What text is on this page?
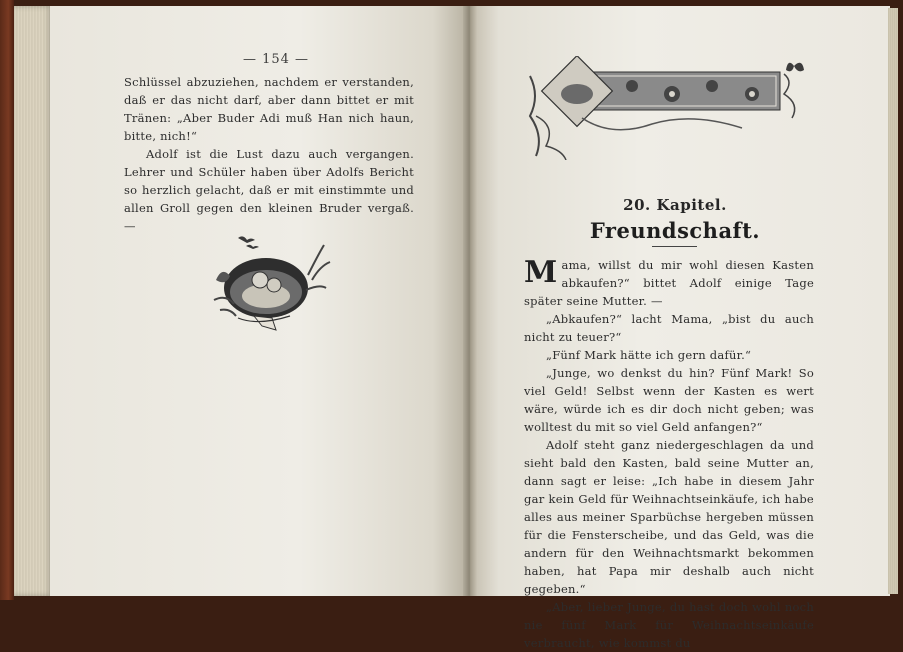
— 154 —

Schlüssel abzuziehen, nachdem er verstanden, daß er das nicht darf, aber dann bittet er mit Tränen: „Aber Buder Adi muß Han nich haun, bitte, nich!“

Adolf ist die Lust dazu auch vergangen. Lehrer und Schüler haben über Adolfs Bericht so herzlich gelacht, daß er mit einstimmte und allen Groll gegen den kleinen Bruder vergaß. —

20. Kapitel.
Freundschaft.

Mama, willst du mir wohl diesen Kasten abkaufen?“ bittet Adolf einige Tage später seine Mutter. —

„Abkaufen?“ lacht Mama, „bist du auch nicht zu teuer?“

„Fünf Mark hätte ich gern dafür.“

„Junge, wo denkst du hin? Fünf Mark! So viel Geld! Selbst wenn der Kasten es wert wäre, würde ich es dir doch nicht geben; was wolltest du mit so viel Geld anfangen?“

Adolf steht ganz niedergeschlagen da und sieht bald den Kasten, bald seine Mutter an, dann sagt er leise: „Ich habe in diesem Jahr gar kein Geld für Weihnachtseinkäufe, ich habe alles aus meiner Sparbüchse hergeben müssen für die Fensterscheibe, und das Geld, was die andern für den Weihnachtsmarkt bekommen haben, hat Papa mir deshalb auch nicht gegeben.“

„Aber, lieber Junge, du hast doch wohl noch nie fünf Mark für Weihnachtseinkäufe verbraucht, wie kommst du
